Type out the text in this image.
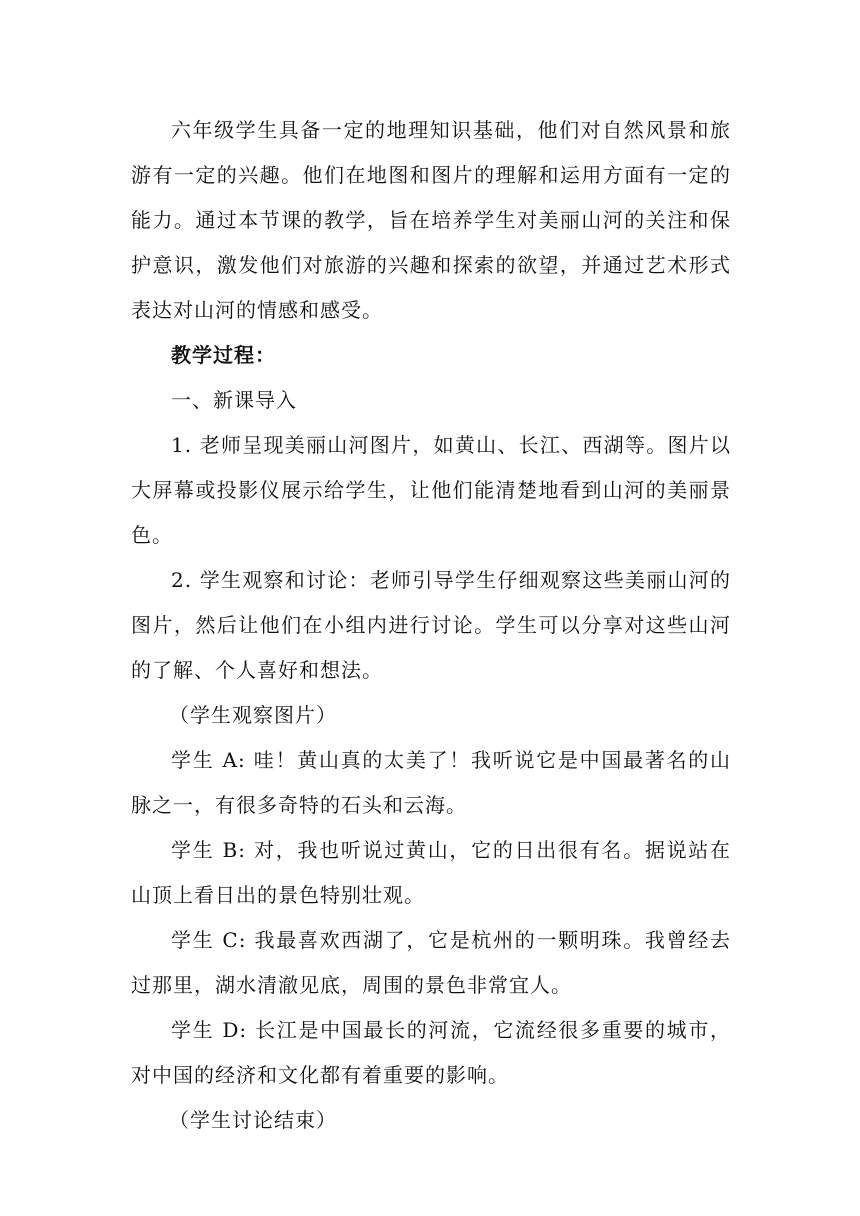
六年级学生具备一定的地理知识基础，他们对自然风景和旅游有一定的兴趣。他们在地图和图片的理解和运用方面有一定的能力。通过本节课的教学，旨在培养学生对美丽山河的关注和保护意识，激发他们对旅游的兴趣和探索的欲望，并通过艺术形式表达对山河的情感和感受。

教学过程：

一、新课导入

1. 老师呈现美丽山河图片，如黄山、长江、西湖等。图片以大屏幕或投影仪展示给学生，让他们能清楚地看到山河的美丽景色。

2. 学生观察和讨论：老师引导学生仔细观察这些美丽山河的图片，然后让他们在小组内进行讨论。学生可以分享对这些山河的了解、个人喜好和想法。

（学生观察图片）

学生 A: 哇！黄山真的太美了！我听说它是中国最著名的山脉之一，有很多奇特的石头和云海。

学生 B: 对，我也听说过黄山，它的日出很有名。据说站在山顶上看日出的景色特别壮观。

学生 C: 我最喜欢西湖了，它是杭州的一颗明珠。我曾经去过那里，湖水清澈见底，周围的景色非常宜人。

学生 D: 长江是中国最长的河流，它流经很多重要的城市，对中国的经济和文化都有着重要的影响。

（学生讨论结束）
